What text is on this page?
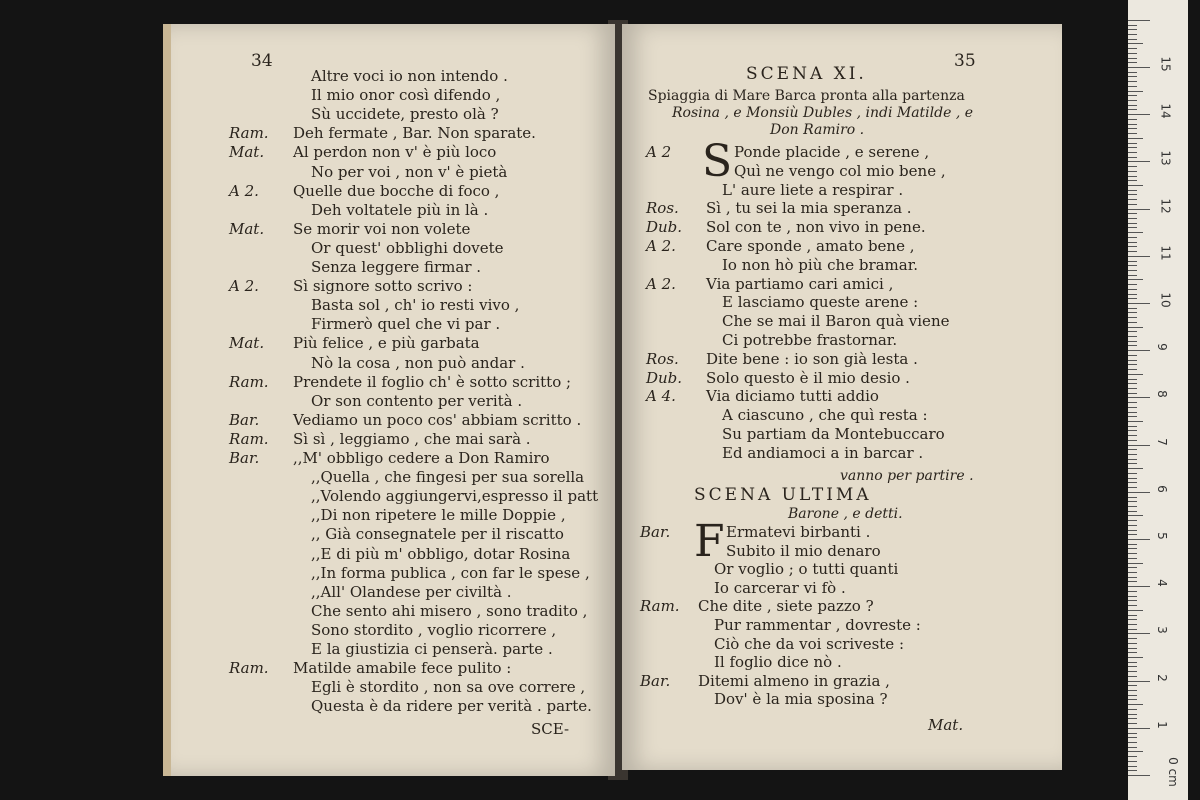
34
Altre voci io non intendo .
Il mio onor così difendo ,
Sù uccidete, presto olà ?
Ram. Deh fermate , Bar. Non sparate.
Mat. Al perdon non v' è più loco
No per voi , non v' è pietà
A 2. Quelle due bocche di foco ,
Deh voltatele più in là .
Mat. Se morir voi non volete
Or quest' obblighi dovete
Senza leggere firmar .
A 2. Sì signore sotto scrivo :
Basta sol , ch' io resti vivo ,
Firmerò quel che vi par .
Mat. Più felice , e più garbata
Nò la cosa , non può andar .
Ram. Prendete il foglio ch' è sotto scritto ;
Or son contento per verità .
Bar. Vediamo un poco cos' abbiam scritto .
Ram. Sì sì , leggiamo , che mai sarà .
Bar. ,,M' obbligo cedere a Don Ramiro
,,Quella , che fingesi per sua sorella
,,Volendo aggiungervi,espresso il patt
,,Di non ripetere le mille Doppie ,
,, Già consegnatele per il riscatto
,,E di più m' obbligo, dotar Rosina
,,In forma publica , con far le spese ,
,,All' Olandese per civiltà .
Che sento ahi misero , sono tradito ,
Sono stordito , voglio ricorrere ,
E la giustizia ci penserà. parte .
Ram. Matilde amabile fece pulito :
Egli è stordito , non sa ove correre ,
Questa è da ridere per verità . parte.
SCE-
35
SCENA XI.
Spiaggia di Mare Barca pronta alla partenza
Rosina , e Monsiù Dubles , indi Matilde , e
Don Ramiro .
A 2 S Ponde placide , e serene ,
Quì ne vengo col mio bene ,
L' aure liete a respirar .
Ros. Sì , tu sei la mia speranza .
Dub. Sol con te , non vivo in pene.
A 2. Care sponde , amato bene ,
Io non hò più che bramar.
A 2. Via partiamo cari amici ,
E lasciamo queste arene :
Che se mai il Baron quà viene
Ci potrebbe frastornar.
Ros. Dite bene : io son già lesta .
Dub. Solo questo è il mio desio .
A 4. Via diciamo tutti addio
A ciascuno , che quì resta :
Su partiam da Montebuccaro
Ed andiamoci a in barcar .
vanno per partire .
SCENA ULTIMA
Barone , e detti.
Bar. F Ermatevi birbanti .
Subito il mio denaro
Or voglio ; o tutti quanti
Io carcerar vi fò .
Ram. Che dite , siete pazzo ?
Pur rammentar , dovreste :
Ciò che da voi scriveste :
Il foglio dice nò .
Bar. Ditemi almeno in grazia ,
Dov' è la mia sposina ?
Mat.
0 cm
1
2
3
4
5
6
7
8
9
10
11
12
13
14
15
